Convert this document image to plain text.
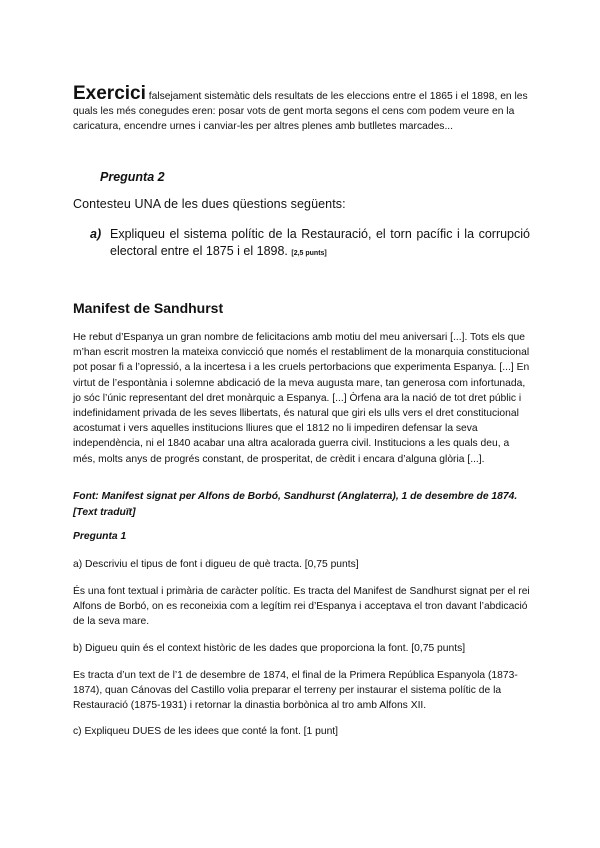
Exercici falsejament sistemàtic dels resultats de les eleccions entre el 1865 i el 1898, en les quals les més conegudes eren: posar vots de gent morta segons el cens com podem veure en la caricatura, encendre urnes i canviar-les per altres plenes amb butlletes marcades...
Pregunta 2
Contesteu UNA de les dues qüestions següents:
a) Expliqueu el sistema polític de la Restauració, el torn pacífic i la corrupció electoral entre el 1875 i el 1898. [2,5 punts]
Manifest de Sandhurst
He rebut d’Espanya un gran nombre de felicitacions amb motiu del meu aniversari [...]. Tots els que m’han escrit mostren la mateixa convicció que només el restabliment de la monarquia constitucional pot posar fi a l’opressió, a la incertesa i a les cruels pertorbacions que experimenta Espanya. [...] En virtut de l’espontània i solemne abdicació de la meva augusta mare, tan generosa com infortunada, jo sóc l’únic representant del dret monàrquic a Espanya. [...] Òrfena ara la nació de tot dret públic i indefinidament privada de les seves llibertats, és natural que giri els ulls vers el dret constitucional acostumat i vers aquelles institucions lliures que el 1812 no li impediren defensar la seva independència, ni el 1840 acabar una altra acalorada guerra civil. Institucions a les quals deu, a més, molts anys de progrés constant, de prosperitat, de crèdit i encara d’alguna glòria [...].
Font: Manifest signat per Alfons de Borbó, Sandhurst (Anglaterra), 1 de desembre de 1874. [Text traduït]
Pregunta 1
a) Descriviu el tipus de font i digueu de què tracta. [0,75 punts]
És una font textual i primària de caràcter polític. Es tracta del Manifest de Sandhurst signat per el rei Alfons de Borbó, on es reconeixia com a legítim rei d’Espanya i acceptava el tron davant l’abdicació de la seva mare.
b) Digueu quin és el context històric de les dades que proporciona la font. [0,75 punts]
Es tracta d’un text de l’1 de desembre de 1874, el final de la Primera República Espanyola (1873-1874), quan Cánovas del Castillo volia preparar el terreny per instaurar el sistema polític de la Restauració (1875-1931) i retornar la dinastia borbònica al tro amb Alfons XII.
c) Expliqueu DUES de les idees que conté la font. [1 punt]
